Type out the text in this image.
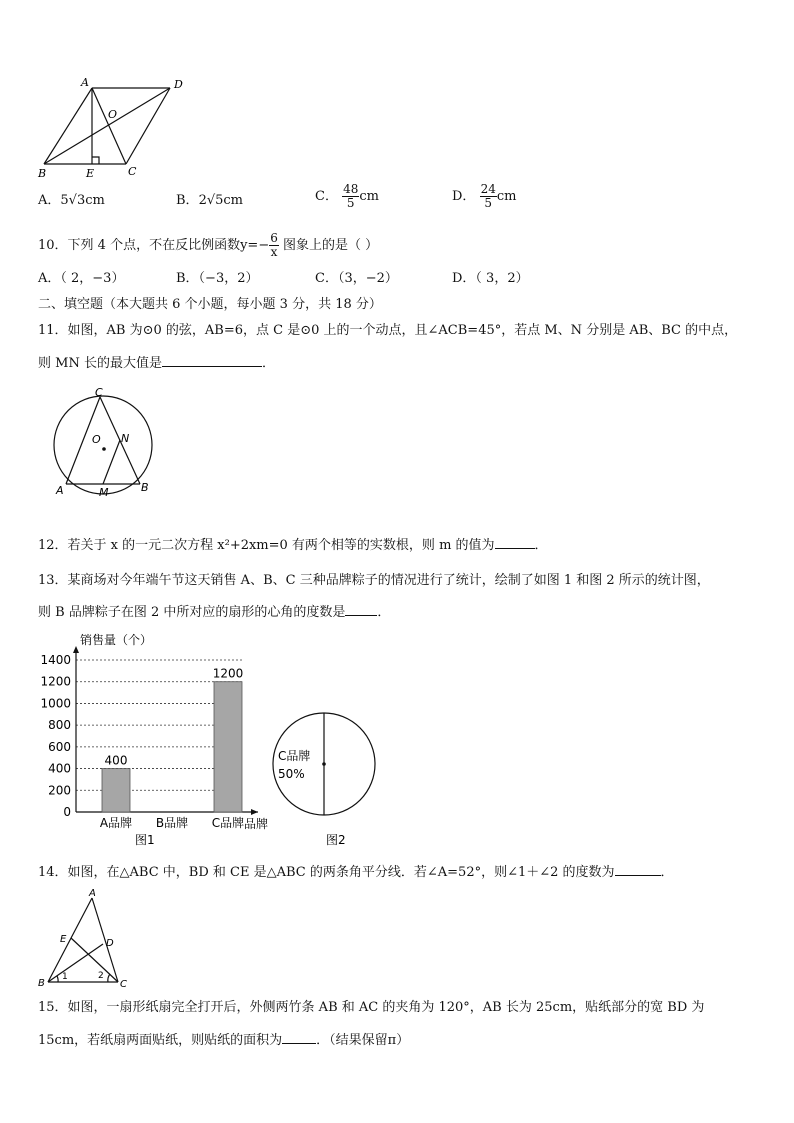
A	D
O
B	E	C
A．5√3cm	B．2√5cm	C． $\frac{48}{5}$ cm	D． $\frac{24}{5}$ cm
10．下列 4 个点，不在反比例函数$y=- \frac{6}{x}$ 图象上的是（ ）
A．（ 2，−3）	B．（−3，2）	C．（3，−2）	D．（ 3，2）
二、填空题（本大题共 6 个小题，每小题 3 分，共 18 分）
11．如图，AB 为⊙0 的弦，AB=6，点 C 是⊙0 上的一个动点，且∠ACB=45°，若点 M、N 分别是 AB、BC 的中点，
则 MN 长的最大值是	．
C
O N
A	M	B
12．若关于 x 的一元二次方程 x²+2xm=0 有两个相等的实数根，则 m 的值为	．
13．某商场对今年端午节这天销售 A、B、C 三种品牌粽子的情况进行了统计，绘制了如图 1 和图 2 所示的统计图，
则 B 品牌粽子在图 2 中所对应的扇形的心角的度数是 ．
0
200
400
600
800
1000
1200
1400
400
1200
A品牌 B品牌 C品牌
销售量（个）
品牌
图1
C品牌
50%
图2
14．如图，在△ABC 中，BD 和 CE 是△ABC 的两条角平分线．若∠A=52°，则∠1＋∠2 的度数为	．
A
E	D
B	C
1	2
15．如图，一扇形纸扇完全打开后，外侧两竹条 AB 和 AC 的夹角为 120°，AB 长为 25cm，贴纸部分的宽 BD 为
15cm，若纸扇两面贴纸，则贴纸的面积为	．（结果保留π）
